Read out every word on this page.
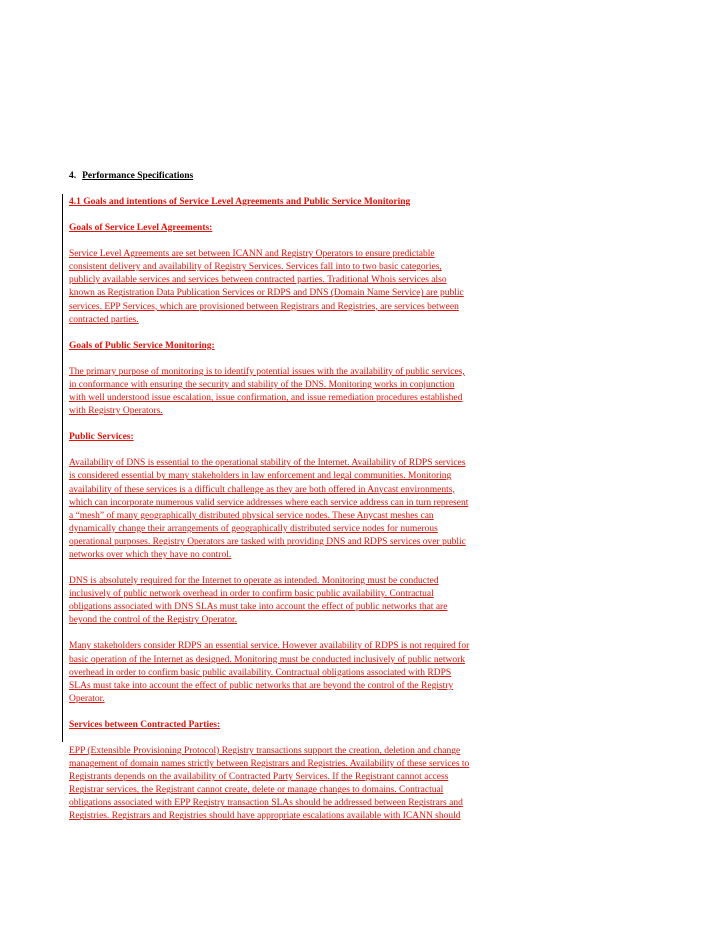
4. Performance Specifications
4.1 Goals and intentions of Service Level Agreements and Public Service Monitoring
Goals of Service Level Agreements:
Service Level Agreements are set between ICANN and Registry Operators to ensure predictable
consistent delivery and availability of Registry Services. Services fall into to two basic categories,
publicly available services and services between contracted parties. Traditional Whois services also
known as Registration Data Publication Services or RDPS and DNS (Domain Name Service) are public
services. EPP Services, which are provisioned between Registrars and Registries, are services between
contracted parties.
Goals of Public Service Monitoring:
The primary purpose of monitoring is to identify potential issues with the availability of public services,
in conformance with ensuring the security and stability of the DNS. Monitoring works in conjunction
with well understood issue escalation, issue confirmation, and issue remediation procedures established
with Registry Operators.
Public Services:
Availability of DNS is essential to the operational stability of the Internet. Availability of RDPS services
is considered essential by many stakeholders in law enforcement and legal communities. Monitoring
availability of these services is a difficult challenge as they are both offered in Anycast environments,
which can incorporate numerous valid service addresses where each service address can in turn represent
a “mesh” of many geographically distributed physical service nodes. These Anycast meshes can
dynamically change their arrangements of geographically distributed service nodes for numerous
operational purposes. Registry Operators are tasked with providing DNS and RDPS services over public
networks over which they have no control.
DNS is absolutely required for the Internet to operate as intended. Monitoring must be conducted
inclusively of public network overhead in order to confirm basic public availability. Contractual
obligations associated with DNS SLAs must take into account the effect of public networks that are
beyond the control of the Registry Operator.
Many stakeholders consider RDPS an essential service. However availability of RDPS is not required for
basic operation of the Internet as designed. Monitoring must be conducted inclusively of public network
overhead in order to confirm basic public availability. Contractual obligations associated with RDPS
SLAs must take into account the effect of public networks that are beyond the control of the Registry
Operator.
Services between Contracted Parties:
EPP (Extensible Provisioning Protocol) Registry transactions support the creation, deletion and change
management of domain names strictly between Registrars and Registries. Availability of these services to
Registrants depends on the availability of Contracted Party Services. If the Registrant cannot access
Registrar services, the Registrant cannot create, delete or manage changes to domains. Contractual
obligations associated with EPP Registry transaction SLAs should be addressed between Registrars and
Registries. Registrars and Registries should have appropriate escalations available with ICANN should
